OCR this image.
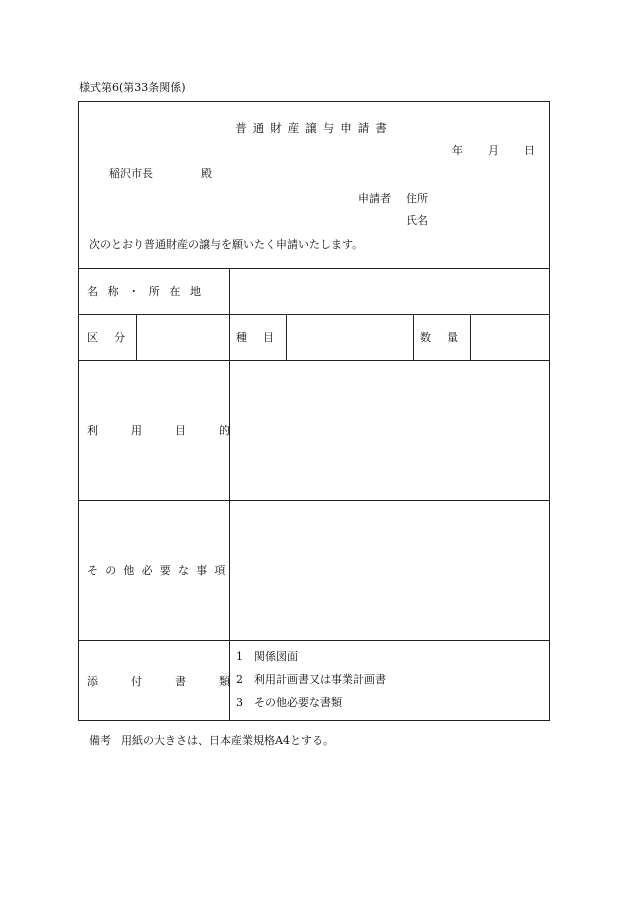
様式第6(第33条関係)
普通財産譲与申請書
年 月 日
稲沢市長	殿
申請者 住所
氏名
次のとおり普通財産の譲与を願いたく申請いたします。
名称・所在地
区分	種目	数量
利用目的
その他必要な事項
添付書類
1　関係図面
2　利用計画書又は事業計画書
3　その他必要な書類
備考 用紙の大きさは、日本産業規格A4とする。
